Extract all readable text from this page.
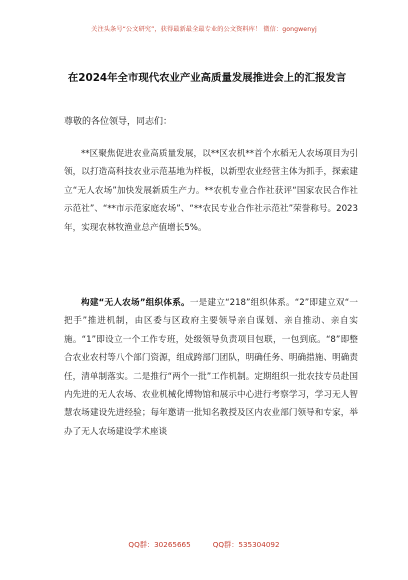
关注头条号“公文研究”，获得最新最全最专业的公文资料库！ 微信：gongwenyj
在2024年全市现代农业产业高质量发展推进会上的汇报发言
尊敬的各位领导，同志们：

**区聚焦促进农业高质量发展，以**区农机**首个水稻无人农场项目为引领，以打造高科技农业示范基地为样板，以新型农业经营主体为抓手，探索建立“无人农场”加快发展新质生产力。**农机专业合作社获评“国家农民合作社示范社”、“**市示范家庭农场”、“**农民专业合作社示范社”荣誉称号。2023年，实现农林牧渔业总产值增长5%。

构建“无人农场”组织体系。一是建立“218”组织体系。“2”即建立双“一把手”推进机制，由区委与区政府主要领导亲自谋划、亲自推动、亲自实施。“1”即设立一个工作专班，处级领导负责项目包联，一包到底。“8”即整合农业农村等八个部门资源，组成跨部门团队，明确任务、明确措施、明确责任，清单制落实。二是推行“两个一批”工作机制。定期组织一批农技专员赴国内先进的无人农场、农业机械化博物馆和展示中心进行考察学习，学习无人智慧农场建设先进经验；每年邀请一批知名教授及区内农业部门领导和专家，举办了无人农场建设学术座谈

QQ群：30265665	QQ群：535304092
